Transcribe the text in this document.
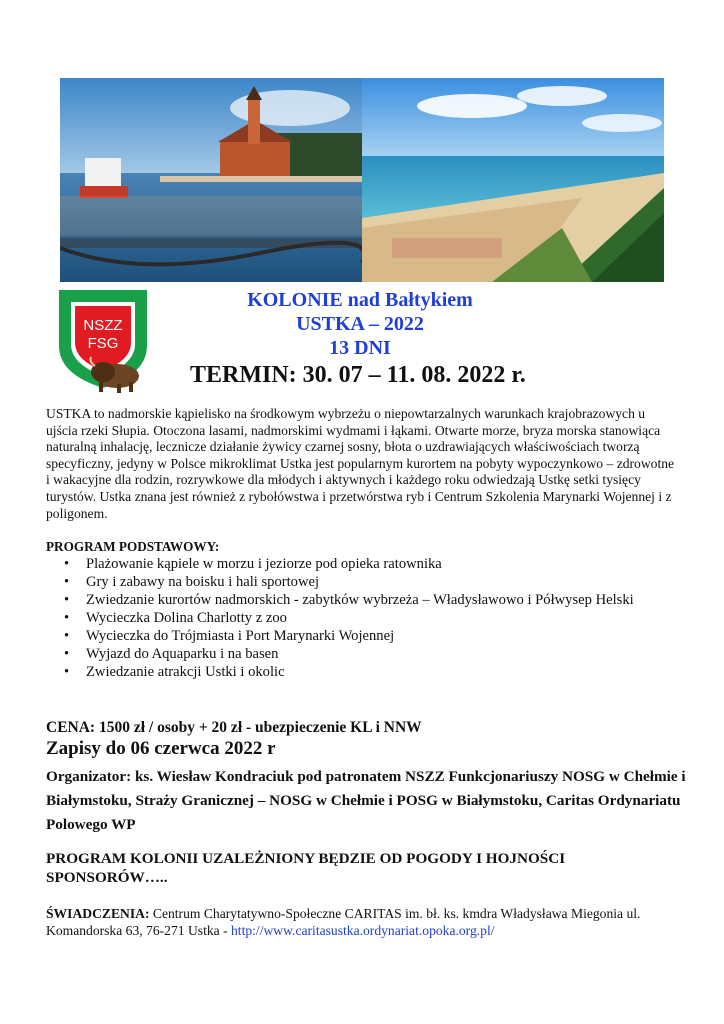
NSZZ
FSG

KOLONIE nad Bałtykiem

USTKA – 2022

13 DNI

TERMIN: 30. 07 – 11. 08. 2022 r.

USTKA to nadmorskie kąpielisko na środkowym wybrzeżu o niepowtarzalnych warunkach krajobrazowych u ujścia rzeki Słupia. Otoczona lasami, nadmorskimi wydmami i łąkami. Otwarte morze, bryza morska stanowiąca naturalną inhalację, lecznicze działanie żywicy czarnej sosny, błota o uzdrawiających właściwościach tworzą specyficzny, jedyny w Polsce mikroklimat Ustka jest popularnym kurortem na pobyty wypoczynkowo – zdrowotne i wakacyjne dla rodzin, rozrywkowe dla młodych i aktywnych i każdego roku odwiedzają Ustkę setki tysięcy turystów. Ustka znana jest również z rybołówstwa i przetwórstwa ryb i Centrum Szkolenia Marynarki Wojennej i z poligonem.

PROGRAM PODSTAWOWY:

• Plażowanie kąpiele w morzu i jeziorze pod opieka ratownika
• Gry i zabawy na boisku i hali sportowej
• Zwiedzanie kurortów nadmorskich - zabytków wybrzeża – Władysławowo i Półwysep Helski
• Wycieczka Dolina Charlotty z zoo
• Wycieczka do Trójmiasta i Port Marynarki Wojennej
• Wyjazd do Aquaparku i na basen
• Zwiedzanie atrakcji Ustki i okolic
CENA: 1500 zł / osoby + 20 zł - ubezpieczenie KL i NNW
Zapisy do 06 czerwca 2022 r

Organizator: ks. Wiesław Kondraciuk pod patronatem NSZZ Funkcjonariuszy NOSG w Chełmie i Białymstoku, Straży Granicznej – NOSG w Chełmie i POSG w Białymstoku, Caritas Ordynariatu Polowego WP

PROGRAM KOLONII UZALEŻNIONY BĘDZIE OD POGODY I HOJNOŚCI SPONSORÓW…..

ŚWIADCZENIA: Centrum Charytatywno-Społeczne CARITAS im. bł. ks. kmdra Władysława Miegonia ul. Komandorska 63, 76-271 Ustka - http://www.caritasustka.ordynariat.opoka.org.pl/
